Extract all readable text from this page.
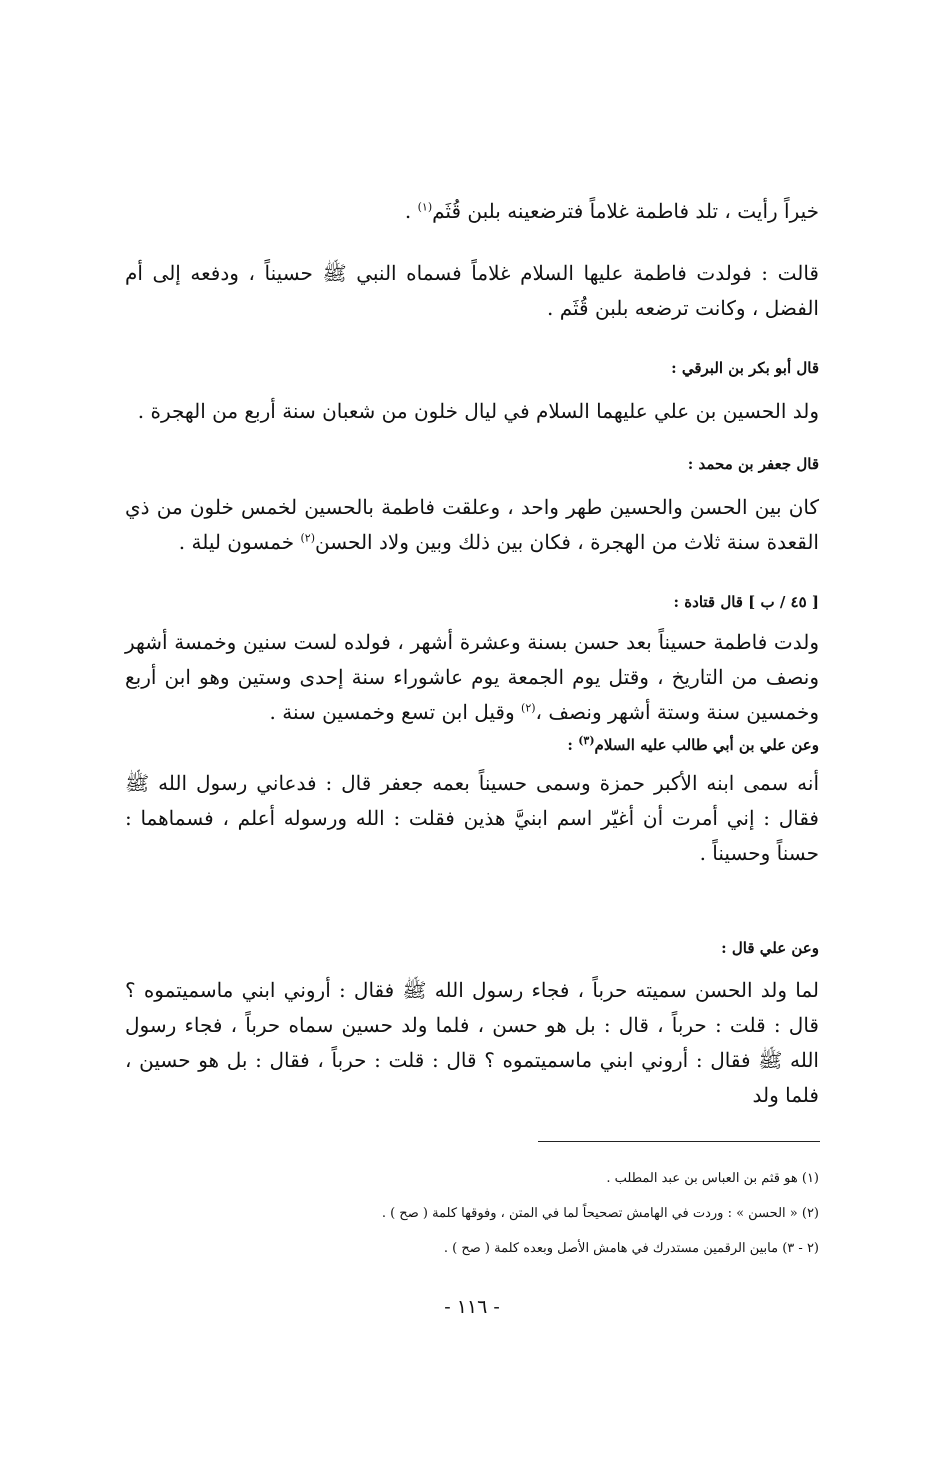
خيراً رأيت ، تلد فاطمة غلاماً فترضعينه بلبن قُثَم$^{(١)}$ .
قالت : فولدت فاطمة عليها السلام غلاماً فسماه النبي ﷺ حسيناً ، ودفعه إلى أم الفضل ، وكانت ترضعه بلبن قُثَم .
قال أبو بكر بن البرقي :
ولد الحسين بن علي عليهما السلام في ليال خلون من شعبان سنة أربع من الهجرة .
قال جعفر بن محمد :
كان بين الحسن والحسين طهر واحد ، وعلقت فاطمة بالحسين لخمس خلون من ذي القعدة سنة ثلاث من الهجرة ، فكان بين ذلك وبين ولاد الحسن$^{(٢)}$ خمسون ليلة .
[ ٤٥ / ب ] قال قتادة :
ولدت فاطمة حسيناً بعد حسن بسنة وعشرة أشهر ، فولده لست سنين وخمسة أشهر ونصف من التاريخ ، وقتل يوم الجمعة يوم عاشوراء سنة إحدى وستين وهو ابن أربع وخمسين سنة وستة أشهر ونصف ،$^{(٢)}$ وقيل ابن تسع وخمسين سنة .
وعن علي بن أبي طالب عليه السلام$^{(٣)}$ :
أنه سمى ابنه الأكبر حمزة وسمى حسيناً بعمه جعفر قال : فدعاني رسول الله ﷺ فقال : إني أمرت أن أغيّر اسم ابنيَّ هذين فقلت : الله ورسوله أعلم ، فسماهما : حسناً وحسيناً .
وعن علي قال :
لما ولد الحسن سميته حرباً ، فجاء رسول الله ﷺ فقال : أروني ابني ماسميتموه ؟ قال : قلت : حرباً ، قال : بل هو حسن ، فلما ولد حسين سماه حرباً ، فجاء رسول الله ﷺ فقال : أروني ابني ماسميتموه ؟ قال : قلت : حرباً ، فقال : بل هو حسين ، فلما ولد
(١) هو قثم بن العباس بن عبد المطلب .
(٢) « الحسن » : وردت في الهامش تصحيحاً لما في المتن ، وفوقها كلمة ( صح ) .
(٢ - ٣) مابين الرقمين مستدرك في هامش الأصل وبعده كلمة ( صح ) .
- ١١٦ -
